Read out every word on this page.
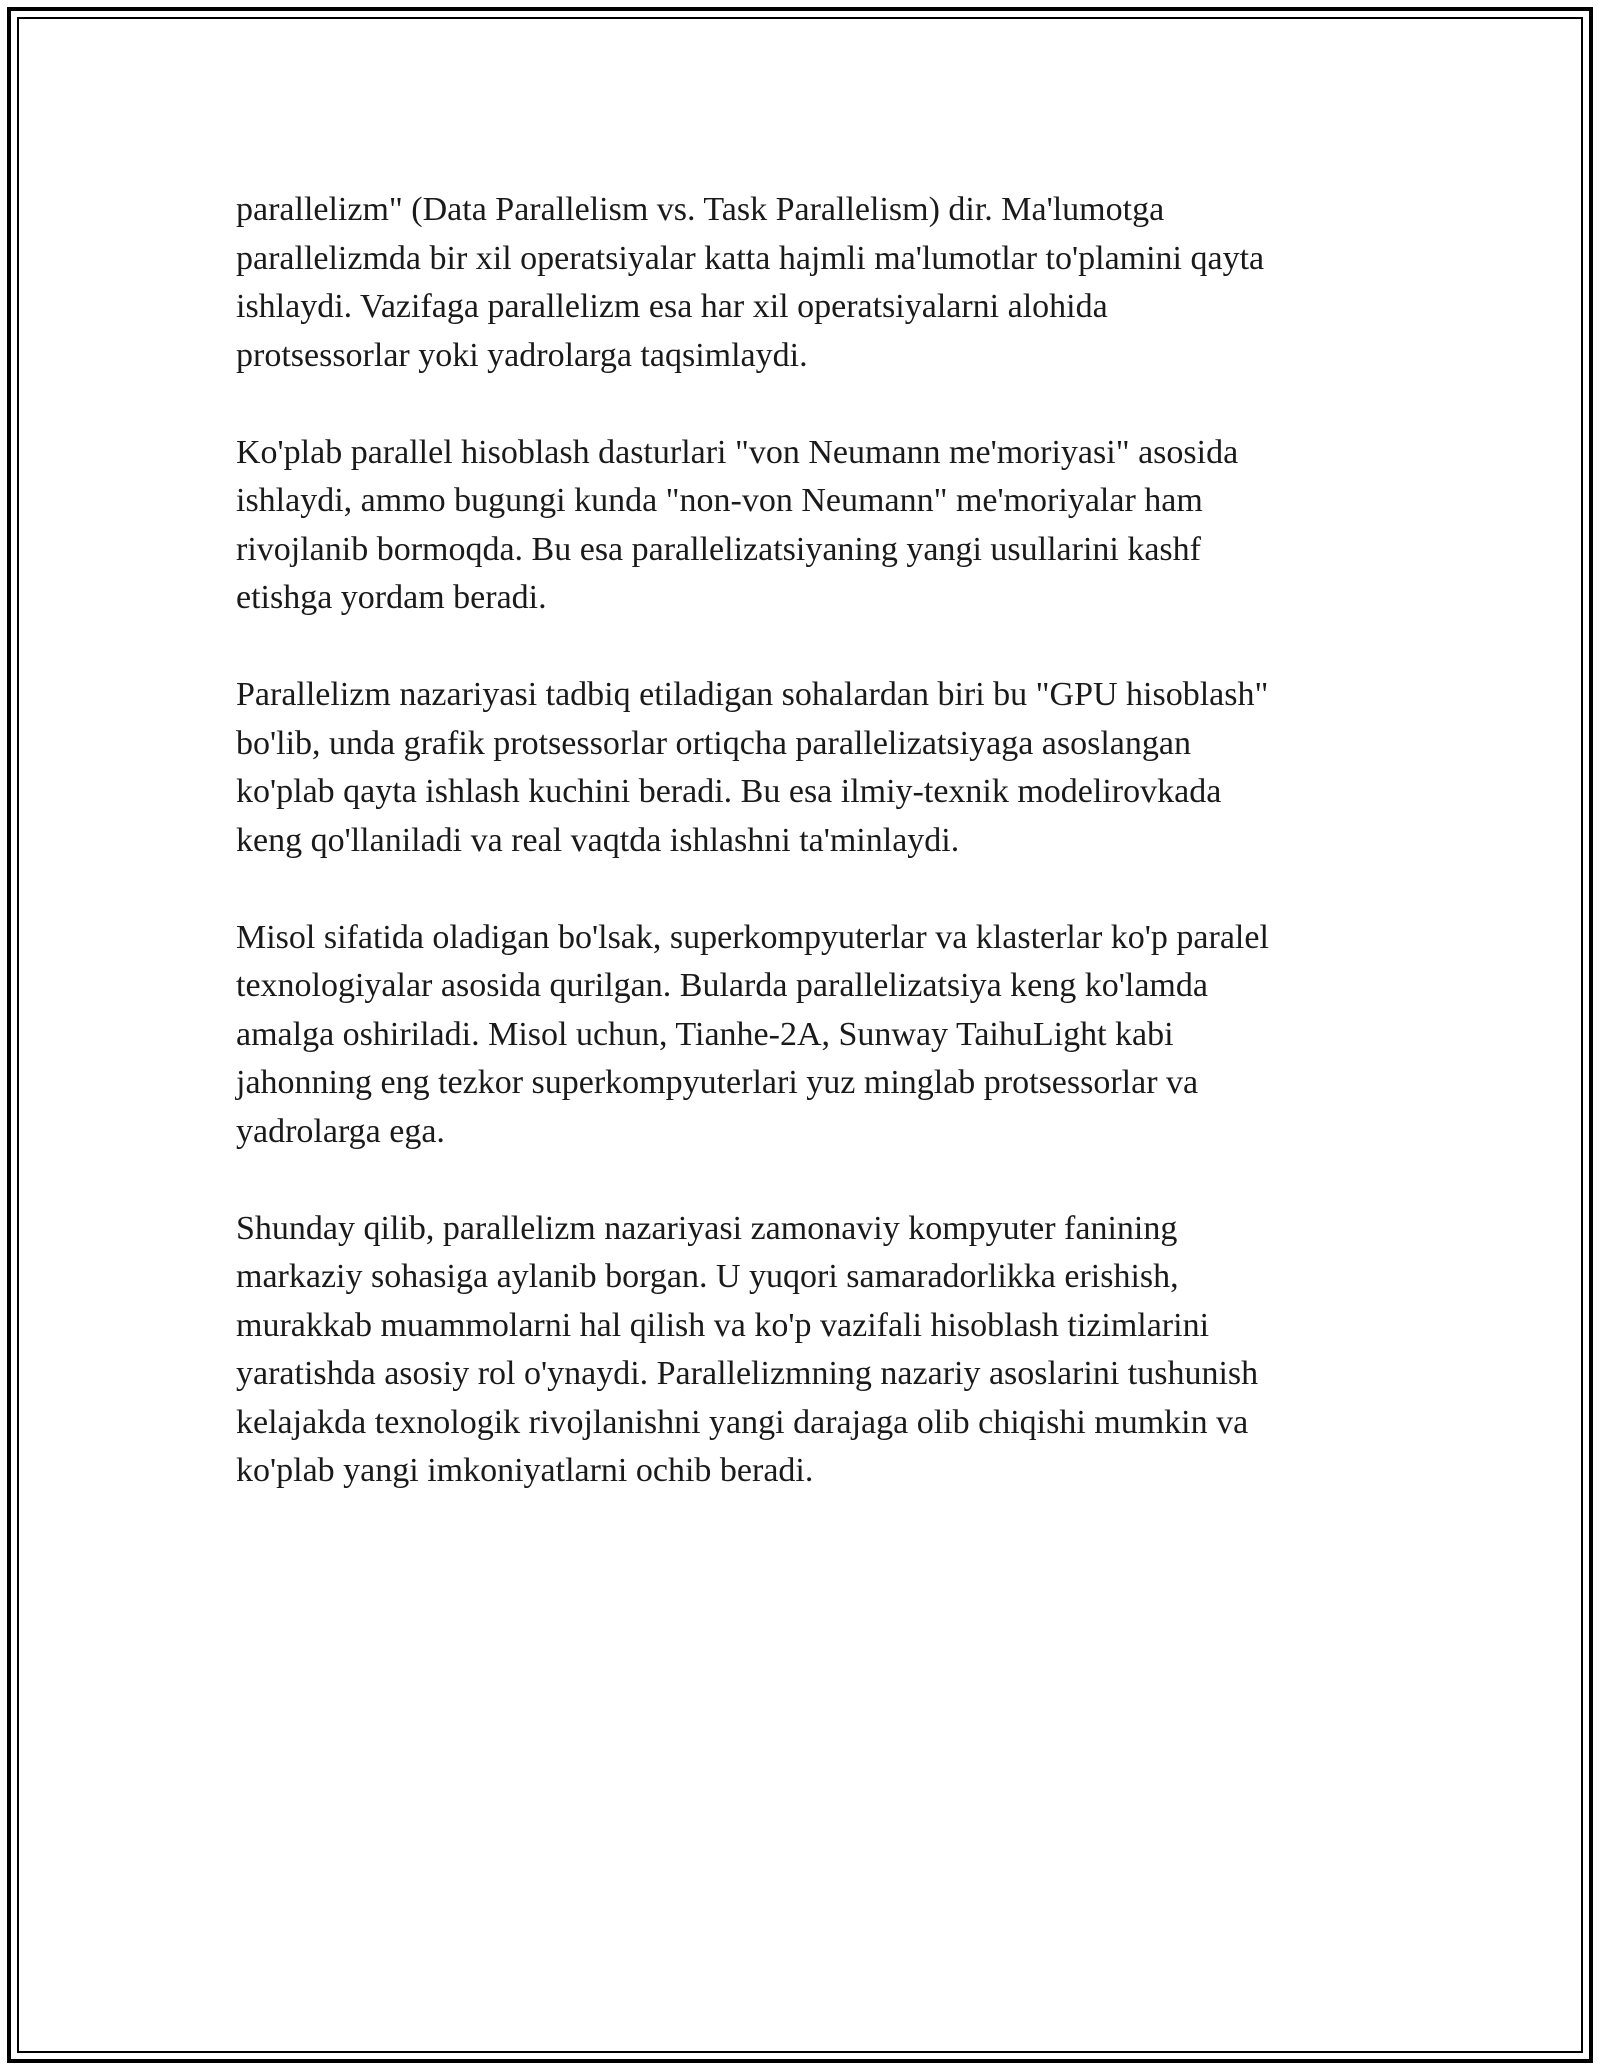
parallelizm" (Data Parallelism vs. Task Parallelism) dir. Ma'lumotga
parallelizmda bir xil operatsiyalar katta hajmli ma'lumotlar to'plamini qayta
ishlaydi. Vazifaga parallelizm esa har xil operatsiyalarni alohida
protsessorlar yoki yadrolarga taqsimlaydi.

Ko'plab parallel hisoblash dasturlari "von Neumann me'moriyasi" asosida
ishlaydi, ammo bugungi kunda "non-von Neumann" me'moriyalar ham
rivojlanib bormoqda. Bu esa parallelizatsiyaning yangi usullarini kashf
etishga yordam beradi.

Parallelizm nazariyasi tadbiq etiladigan sohalardan biri bu "GPU hisoblash"
bo'lib, unda grafik protsessorlar ortiqcha parallelizatsiyaga asoslangan
ko'plab qayta ishlash kuchini beradi. Bu esa ilmiy-texnik modelirovkada
keng qo'llaniladi va real vaqtda ishlashni ta'minlaydi.

Misol sifatida oladigan bo'lsak, superkompyuterlar va klasterlar ko'p paralel
texnologiyalar asosida qurilgan. Bularda parallelizatsiya keng ko'lamda
amalga oshiriladi. Misol uchun, Tianhe-2A, Sunway TaihuLight kabi
jahonning eng tezkor superkompyuterlari yuz minglab protsessorlar va
yadrolarga ega.

Shunday qilib, parallelizm nazariyasi zamonaviy kompyuter fanining
markaziy sohasiga aylanib borgan. U yuqori samaradorlikka erishish,
murakkab muammolarni hal qilish va ko'p vazifali hisoblash tizimlarini
yaratishda asosiy rol o'ynaydi. Parallelizmning nazariy asoslarini tushunish
kelajakda texnologik rivojlanishni yangi darajaga olib chiqishi mumkin va
ko'plab yangi imkoniyatlarni ochib beradi.
